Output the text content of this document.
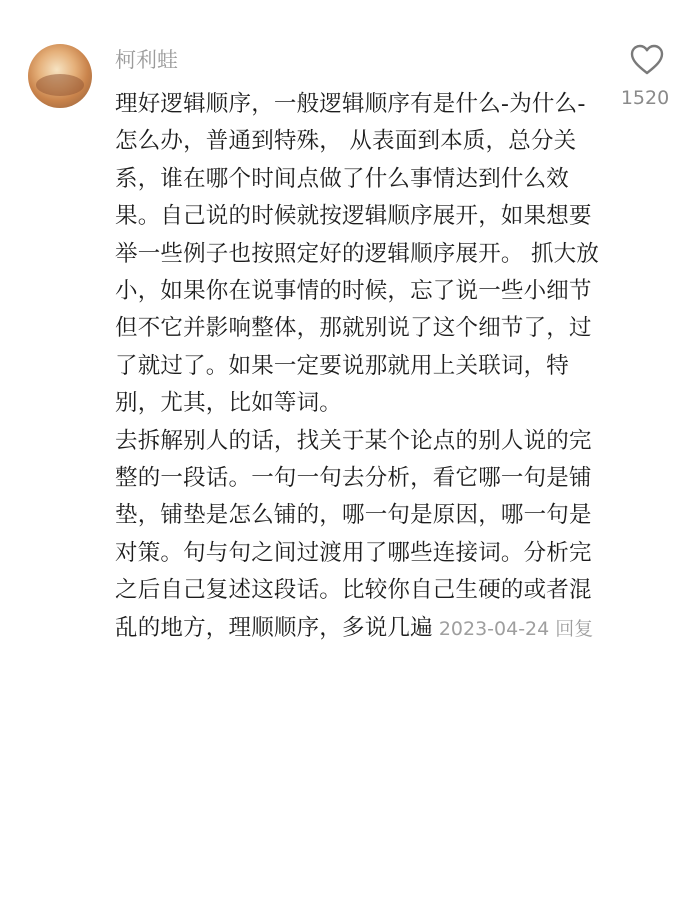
柯利蛙
1520

理好逻辑顺序，一般逻辑顺序有是什么-为什么-怎么办，普通到特殊， 从表面到本质，总分关系，谁在哪个时间点做了什么事情达到什么效果。自己说的时候就按逻辑顺序展开，如果想要举一些例子也按照定好的逻辑顺序展开。 抓大放小，如果你在说事情的时候，忘了说一些小细节但不它并影响整体，那就别说了这个细节了，过了就过了。如果一定要说那就用上关联词，特别，尤其，比如等词。

去拆解别人的话，找关于某个论点的别人说的完整的一段话。一句一句去分析，看它哪一句是铺垫，铺垫是怎么铺的，哪一句是原因，哪一句是对策。句与句之间过渡用了哪些连接词。分析完之后自己复述这段话。比较你自己生硬的或者混乱的地方，理顺顺序，多说几遍 2023-04-24 回复
